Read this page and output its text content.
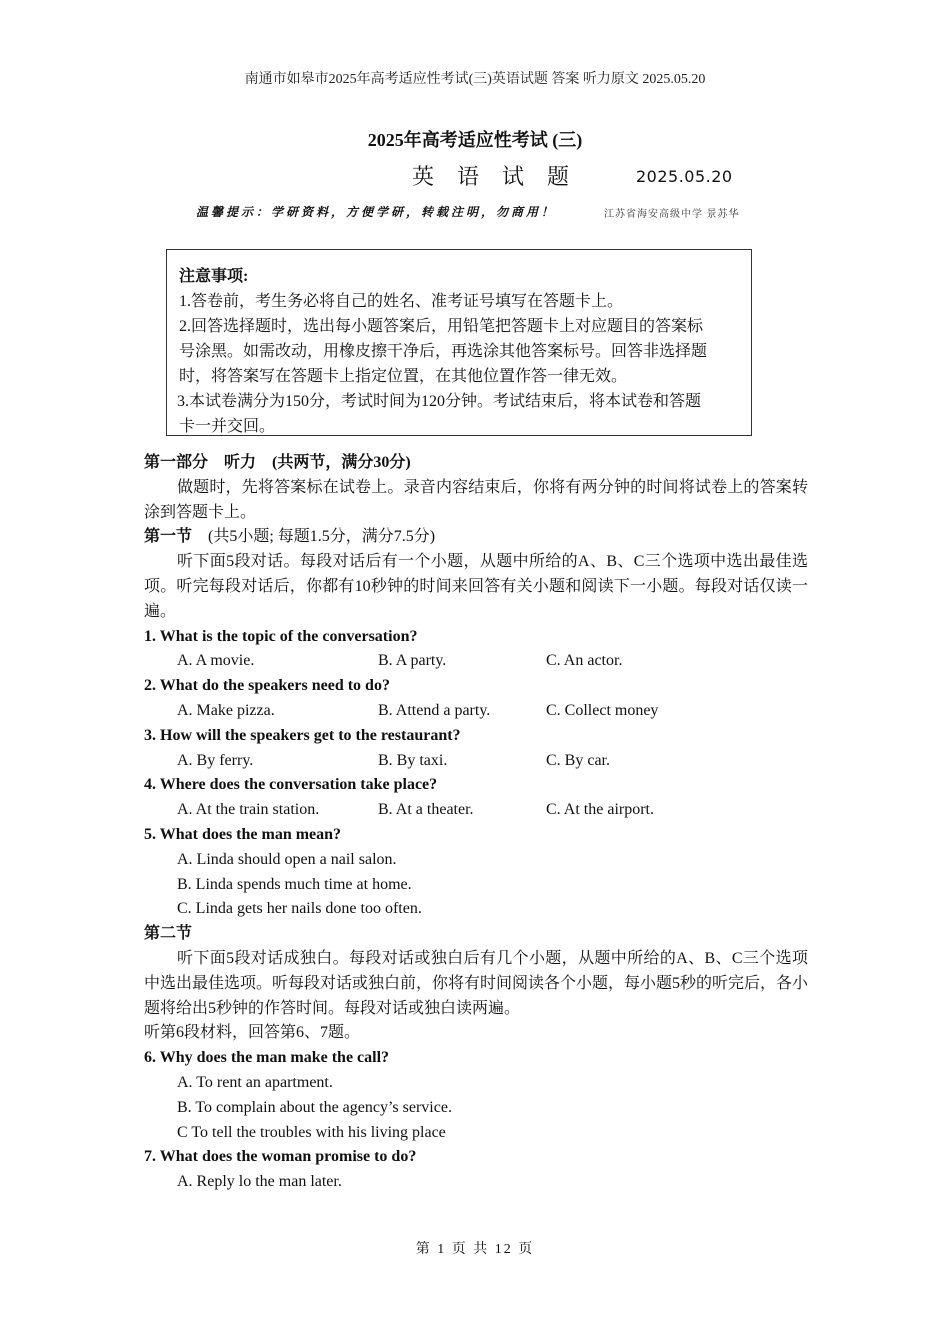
南通市如皋市2025年高考适应性考试(三)英语试题 答案 听力原文 2025.05.20
2025年高考适应性考试 (三)
英 语 试 题	2025.05.20
温馨提示：学研资料，方便学研，转载注明，勿商用！	江苏省海安高级中学 景苏华

注意事项:

1.答卷前，考生务必将自己的姓名、准考证号填写在答题卡上。

2.回答选择题时，选出每小题答案后，用铅笔把答题卡上对应题目的答案标

号涂黑。如需改动，用橡皮擦干净后，再选涂其他答案标号。回答非选择题

时，将答案写在答题卡上指定位置，在其他位置作答一律无效。

3.本试卷满分为150分，考试时间为120分钟。考试结束后，将本试卷和答题

卡一并交回。

第一部分　听力　(共两节，满分30分)

做题时，先将答案标在试卷上。录音内容结束后，你将有两分钟的时间将试卷上的答案转涂到答题卡上。

第一节　(共5小题; 每题1.5分，满分7.5分)

听下面5段对话。每段对话后有一个小题，从题中所给的A、B、C三个选项中选出最佳选项。听完每段对话后，你都有10秒钟的时间来回答有关小题和阅读下一小题。每段对话仅读一遍。

1. What is the topic of the conversation?

A. A movie.	B. A party.	C. An actor.

2. What do the speakers need to do?

A. Make pizza.	B. Attend a party.	C. Collect money

3. How will the speakers get to the restaurant?

A. By ferry.	B. By taxi.	C. By car.

4. Where does the conversation take place?

A. At the train station.	B. At a theater.	C. At the airport.

5. What does the man mean?

A. Linda should open a nail salon.

B. Linda spends much time at home.

C. Linda gets her nails done too often.

第二节

听下面5段对话成独白。每段对话或独白后有几个小题，从题中所给的A、B、C三个选项中选出最佳选项。听每段对话或独白前，你将有时间阅读各个小题，每小题5秒的听完后，各小题将给出5秒钟的作答时间。每段对话或独白读两遍。

听第6段材料，回答第6、7题。

6. Why does the man make the call?

A. To rent an apartment.

B. To complain about the agency’s service.

C To tell the troubles with his living place

7. What does the woman promise to do?

A. Reply lo the man later.

第 1 页 共 12 页
